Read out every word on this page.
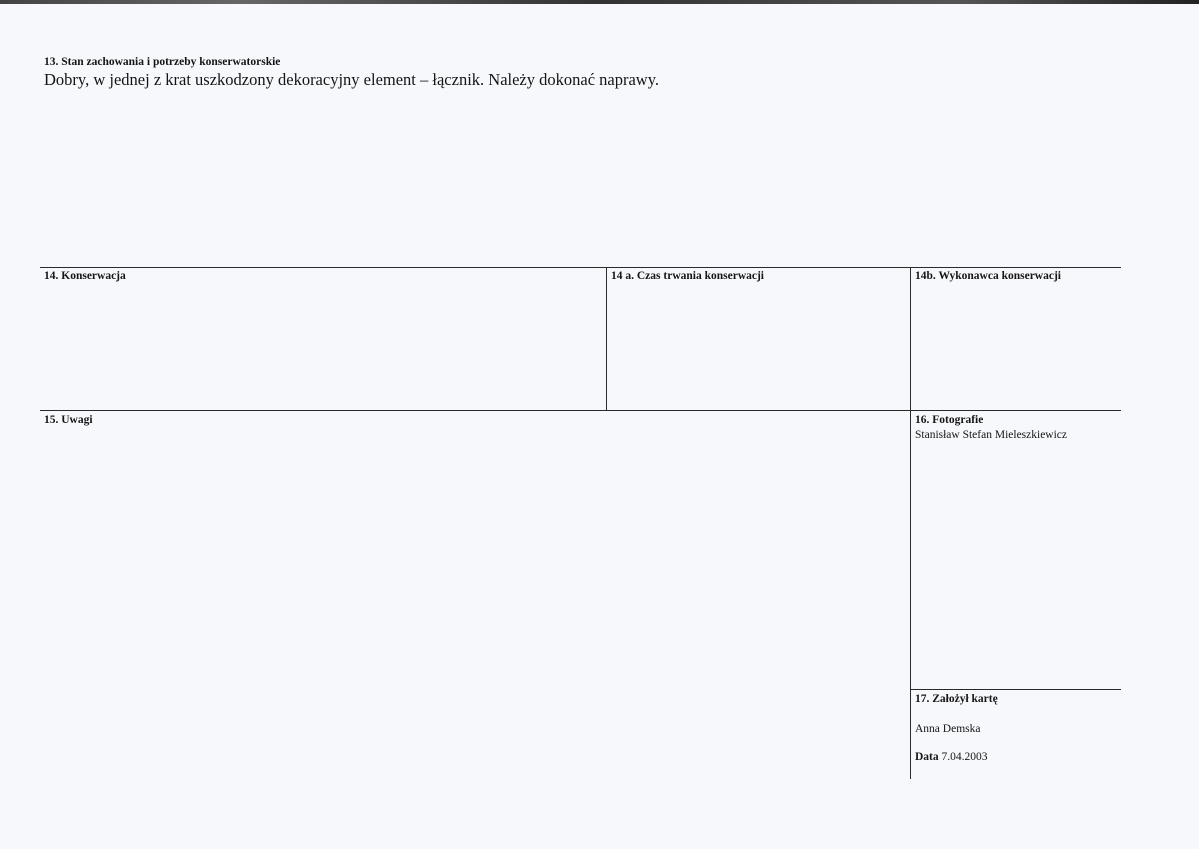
13. Stan zachowania i potrzeby konserwatorskie
Dobry, w jednej z krat uszkodzony dekoracyjny element – łącznik. Należy dokonać naprawy.
14. Konserwacja	14 a. Czas trwania konserwacji	14b. Wykonawca konserwacji
15. Uwagi	16. Fotografie
Stanisław Stefan Mieleszkiewicz
17. Założył kartę
Anna Demska
Data 7.04.2003
